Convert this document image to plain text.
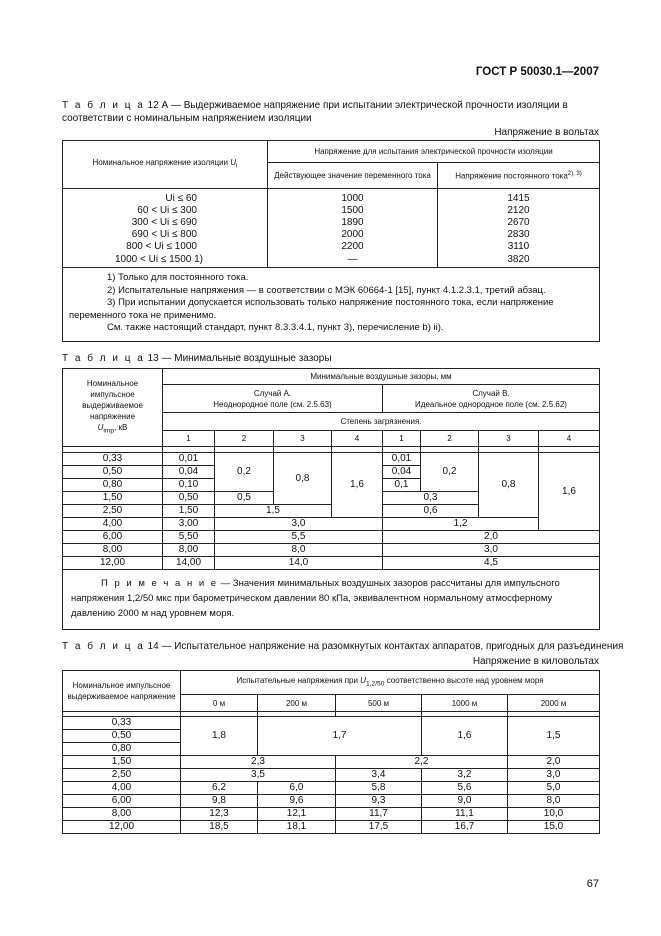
ГОСТ Р 50030.1—2007
Т а б л и ц а 12 А — Выдерживаемое напряжение при испытании электрической прочности изоляции в соответствии с номинальным напряжением изоляции
Напряжение в вольтах
Номинальное напряжение изоляции $U_i$	Напряжение для испытания электрической прочности изоляции	
	Действующее значение переменного тока	Напряжение постоянного тока$^{2), 3)}$

Ui ≤ 60	1000	1415
60 < Ui ≤ 300	1500	2120
300 < Ui ≤ 690	1890	2670
690 < Ui ≤ 800	2000	2830
800 < Ui ≤ 1000	2200	3110
1000 < Ui ≤ 1500 1)	—	3820

1) Только для постоянного тока.
2) Испытательные напряжения — в соответствии с МЭК 60664-1 [15], пункт 4.1.2.3.1, третий абзац.
3) При испытании допускается использовать только напряжение постоянного тока, если напряжение переменного тока не применимо.
См. также настоящий стандарт, пункт 8.3.3.4.1, пункт 3), перечисление b) ii).		
Т а б л и ц а 13 — Минимальные воздушные зазоры
Номинальное импульсное выдерживаемое напряжение
$U_{imp}$, кВ	Минимальные воздушные зазоры, мм							
	Случай А.
Неоднородное поле (см. 2.5.63)				Случай В.
Идеальное однородное поле (см. 2.5.62)			
	Степень загрязнения.							
	1	2	3	4	1	2	3	4

0,33	0,01	0,2	0,8	1,6	0,01	0,2	0,8	1,6
0,50	0,04				0,04			
0,80	0,10				0,1			
1,50	0,50	0,5			0,3			
2,50	1,50	1,5			0,6			
4,00	3,00	3,0			1,2			
6,00	5,50	5,5			2,0			
8,00	8,00	8,0			3,0			
12,00	14,00	14,0			4,5			
П р и м е ч а н и е — Значения минимальных воздушных зазоров рассчитаны для импульсного напряжения 1,2/50 мкс при барометрическом давлении 80 кПа, эквивалентном нормальному атмосферному давлению 2000 м над уровнем моря.								
Т а б л и ц а 14 — Испытательное напряжение на разомкнутых контактах аппаратов, пригодных для разъединения
Напряжение в киловольтах
Номинальное импульсное выдерживаемое напряжение	Испытательные напряжения при $U_{1,2/50}$ соответственно высоте над уровнем моря				
	0 м	200 м	500 м	1000 м	2000 м

0,33	1,8	1,7		1,6	1,5
0,50					
0,80					
1,50	2,3		2,2		2,0
2,50	3,5		3,4	3,2	3,0
4,00	6,2	6,0	5,8	5,6	5,0
6,00	9,8	9,6	9,3	9,0	8,0
8,00	12,3	12,1	11,7	11,1	10,0
12,00	18,5	18,1	17,5	16,7	15,0
67
